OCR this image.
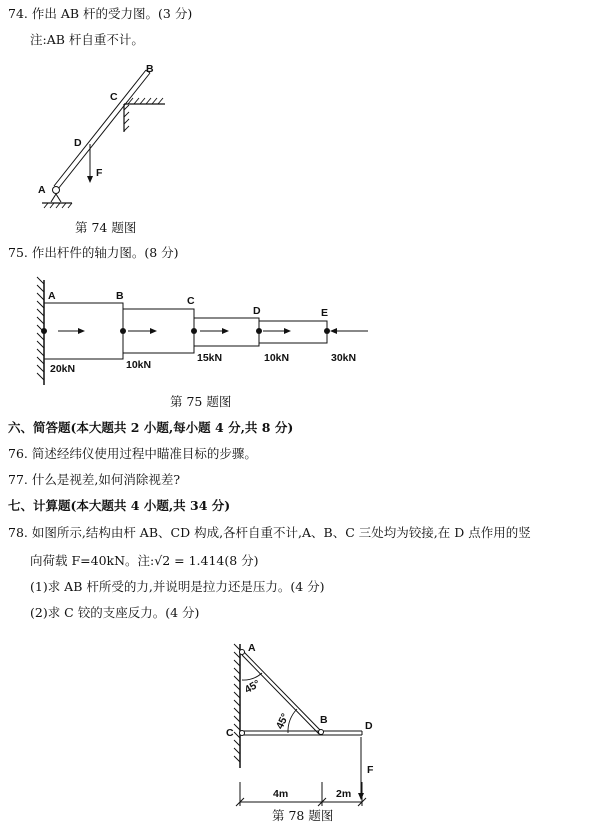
74. 作出 AB 杆的受力图。(3 分)
注:AB 杆自重不计。
第 74 题图
75. 作出杆件的轴力图。(8 分)
第 75 题图
六、简答题(本大题共 2 小题,每小题 4 分,共 8 分)
76. 简述经纬仪使用过程中瞄准目标的步骤。
77. 什么是视差,如何消除视差?
七、计算题(本大题共 4 小题,共 34 分)
78. 如图所示,结构由杆 AB、CD 构成,各杆自重不计,A、B、C 三处均为铰接,在 D 点作用的竖
向荷载 F=40kN。注:√2 = 1.414(8 分)
(1)求 AB 杆所受的力,并说明是拉力还是压力。(4 分)
(2)求 C 铰的支座反力。(4 分)
第 78 题图
B
C
D
F
A
A	B	C
D	E
20kN	10kN
15kN	10kN	30kN
A
C
B	D
F
45°
45°
4m	2m
